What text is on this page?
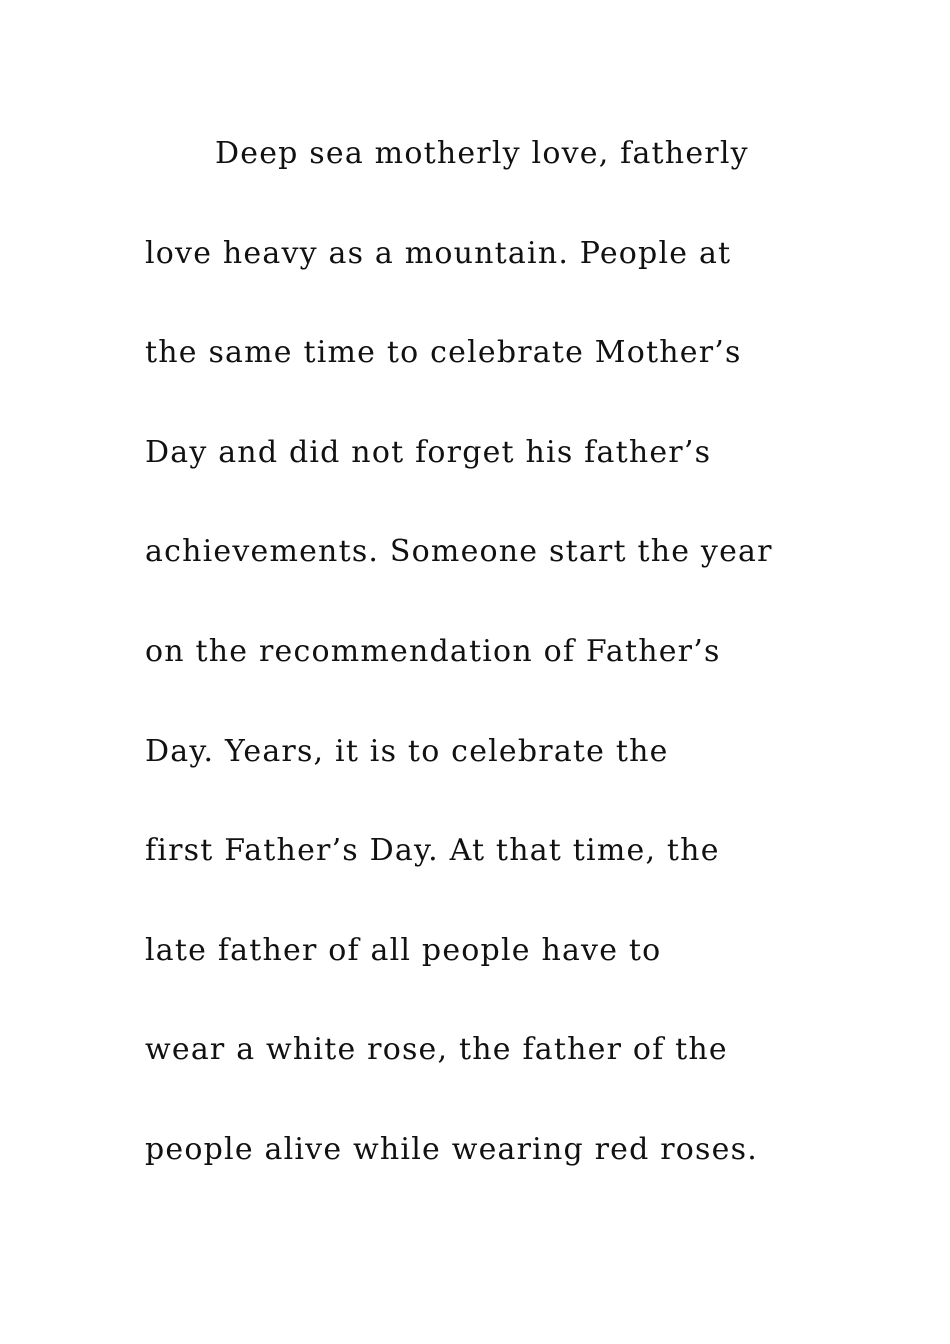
Deep sea motherly love, fatherly
love heavy as a mountain. People at
the same time to celebrate Mother’s
Day and did not forget his father’s
achievements. Someone start the year
on the recommendation of Father’s
Day. Years, it is to celebrate the
first Father’s Day. At that time, the
late father of all people have to
wear a white rose, the father of the
people alive while wearing red roses.
